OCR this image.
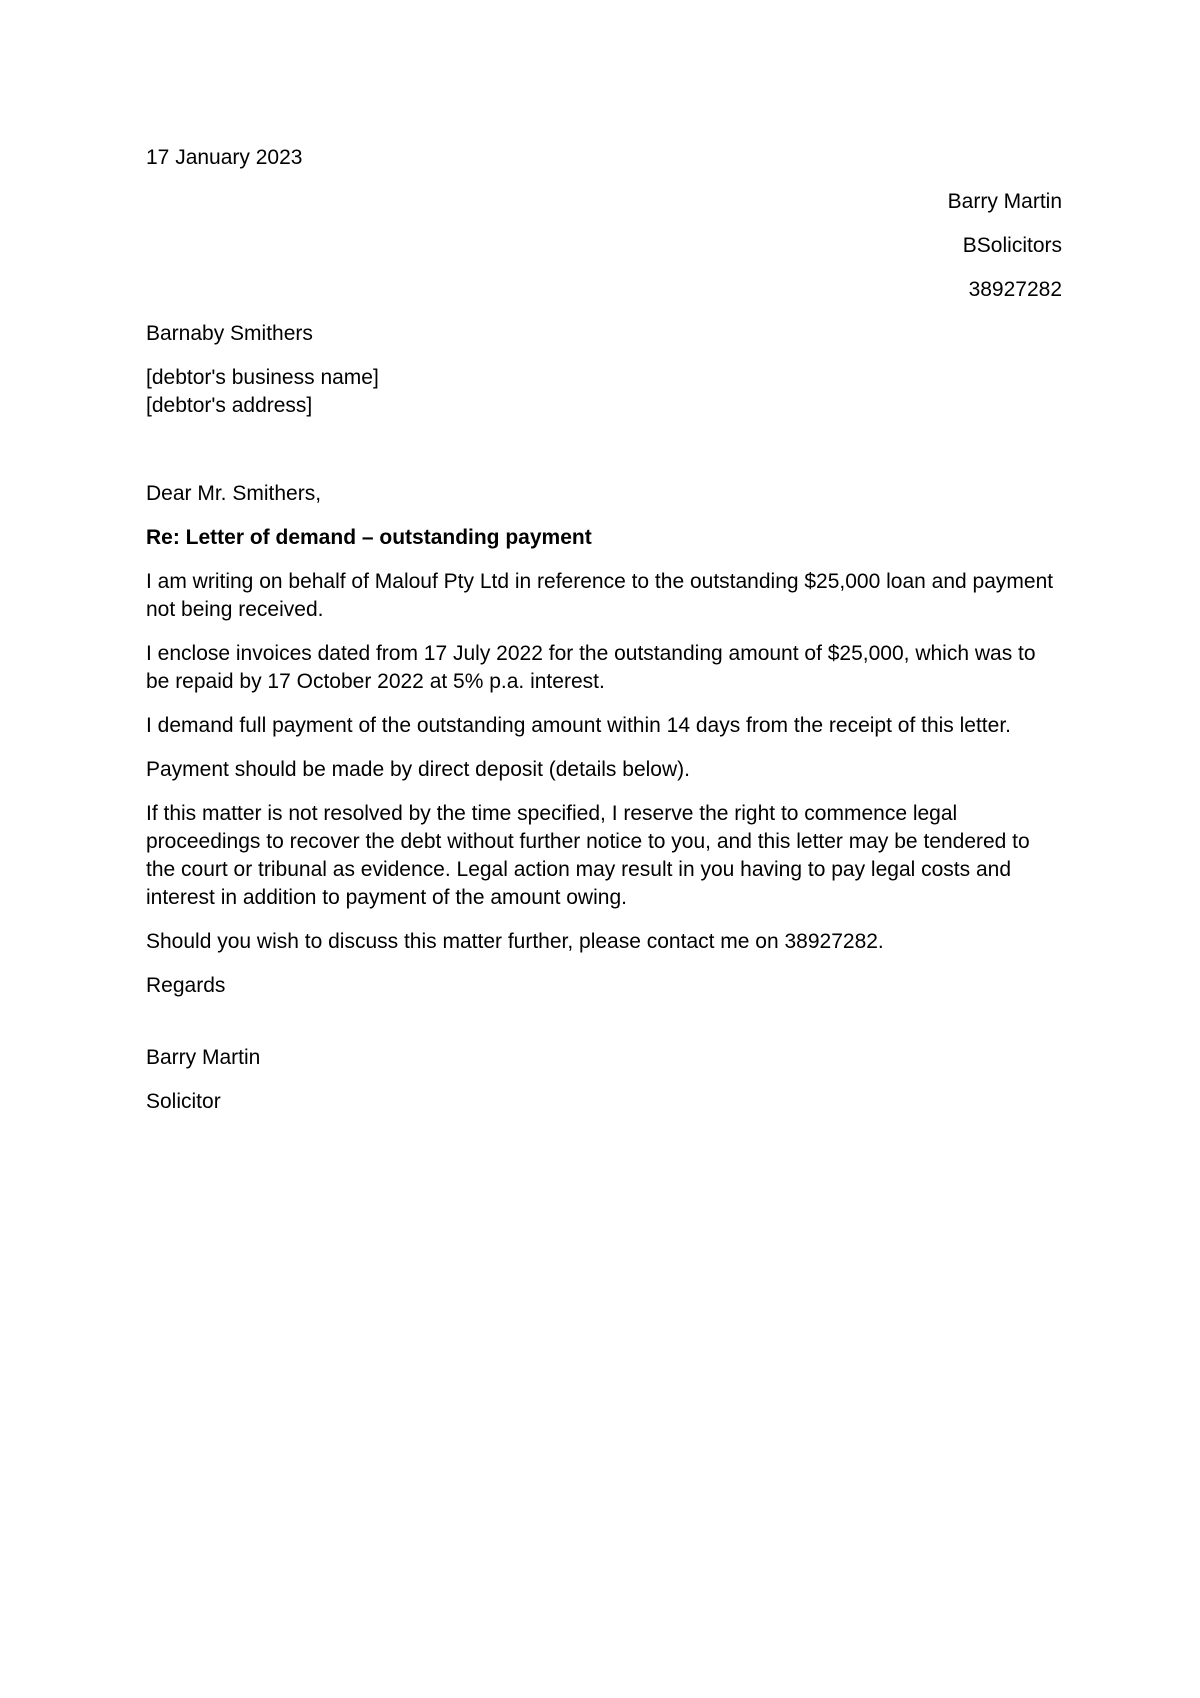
17 January 2023
Barry Martin
BSolicitors
38927282
Barnaby Smithers
[debtor's business name]
[debtor's address]
Dear Mr. Smithers,
Re: Letter of demand – outstanding payment
I am writing on behalf of Malouf Pty Ltd in reference to the outstanding $25,000 loan and payment not being received.
I enclose invoices dated from 17 July 2022 for the outstanding amount of $25,000, which was to be repaid by 17 October 2022 at 5% p.a. interest.
I demand full payment of the outstanding amount within 14 days from the receipt of this letter.
Payment should be made by direct deposit (details below).
If this matter is not resolved by the time specified, I reserve the right to commence legal proceedings to recover the debt without further notice to you, and this letter may be tendered to the court or tribunal as evidence. Legal action may result in you having to pay legal costs and interest in addition to payment of the amount owing.
Should you wish to discuss this matter further, please contact me on 38927282.
Regards
Barry Martin
Solicitor
